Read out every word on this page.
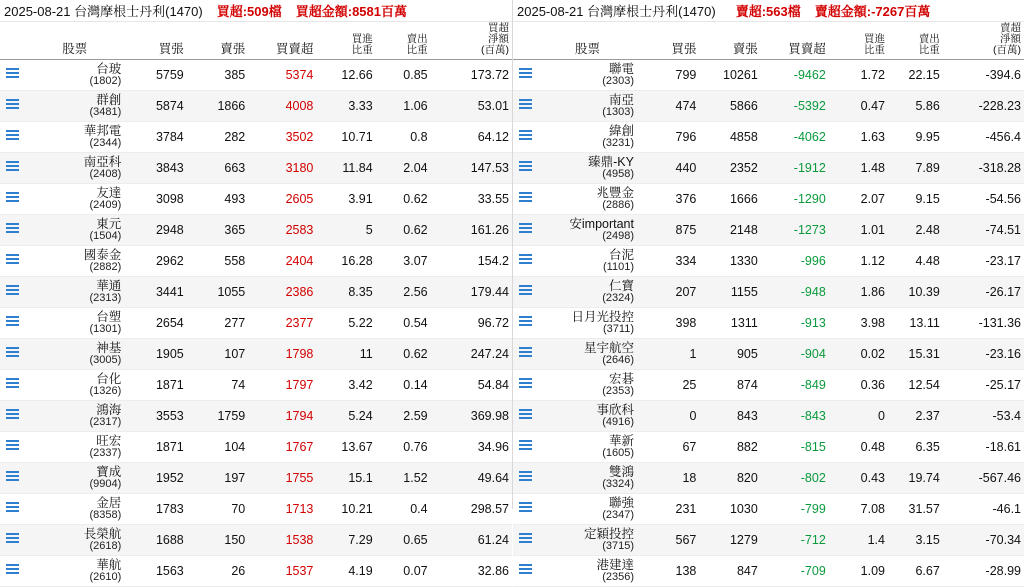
2025-08-21 台灣摩根士丹利(1470) 買超:509檔 買超金額:8581百萬
	股票	買張	賣張	買賣超	買進
比重	賣出
比重	買超
淨額
(百萬)

	台玻
(1802)	5759	385	5374	12.66	0.85	173.72

	群創
(3481)	5874	1866	4008	3.33	1.06	53.01

	華邦電
(2344)	3784	282	3502	10.71	0.8	64.12

	南亞科
(2408)	3843	663	3180	11.84	2.04	147.53

	友達
(2409)	3098	493	2605	3.91	0.62	33.55

	東元
(1504)	2948	365	2583	5	0.62	161.26

	國泰金
(2882)	2962	558	2404	16.28	3.07	154.2

	華通
(2313)	3441	1055	2386	8.35	2.56	179.44

	台塑
(1301)	2654	277	2377	5.22	0.54	96.72

	神基
(3005)	1905	107	1798	11	0.62	247.24

	台化
(1326)	1871	74	1797	3.42	0.14	54.84

	鴻海
(2317)	3553	1759	1794	5.24	2.59	369.98

	旺宏
(2337)	1871	104	1767	13.67	0.76	34.96

	寶成
(9904)	1952	197	1755	15.1	1.52	49.64

	金居
(8358)	1783	70	1713	10.21	0.4	298.57

	長榮航
(2618)	1688	150	1538	7.29	0.65	61.24

	華航
(2610)	1563	26	1537	4.19	0.07	32.86
2025-08-21 台灣摩根士丹利(1470) 賣超:563檔 賣超金額:-7267百萬
	股票	買張	賣張	買賣超	買進
比重	賣出
比重	賣超
淨額
(百萬)

	聯電
(2303)	799	10261	-9462	1.72	22.15	-394.6

	南亞
(1303)	474	5866	-5392	0.47	5.86	-228.23

	緯創
(3231)	796	4858	-4062	1.63	9.95	-456.4

	臻鼎-KY
(4958)	440	2352	-1912	1.48	7.89	-318.28

	兆豐金
(2886)	376	1666	-1290	2.07	9.15	-54.56

	安important
(2498)	875	2148	-1273	1.01	2.48	-74.51

	台泥
(1101)	334	1330	-996	1.12	4.48	-23.17

	仁寶
(2324)	207	1155	-948	1.86	10.39	-26.17

	日月光投控
(3711)	398	1311	-913	3.98	13.11	-131.36

	星宇航空
(2646)	1	905	-904	0.02	15.31	-23.16

	宏碁
(2353)	25	874	-849	0.36	12.54	-25.17

	事欣科
(4916)	0	843	-843	0	2.37	-53.4

	華新
(1605)	67	882	-815	0.48	6.35	-18.61

	雙鴻
(3324)	18	820	-802	0.43	19.74	-567.46

	聯強
(2347)	231	1030	-799	7.08	31.57	-46.1

	定穎投控
(3715)	567	1279	-712	1.4	3.15	-70.34

	港建達
(2356)	138	847	-709	1.09	6.67	-28.99
